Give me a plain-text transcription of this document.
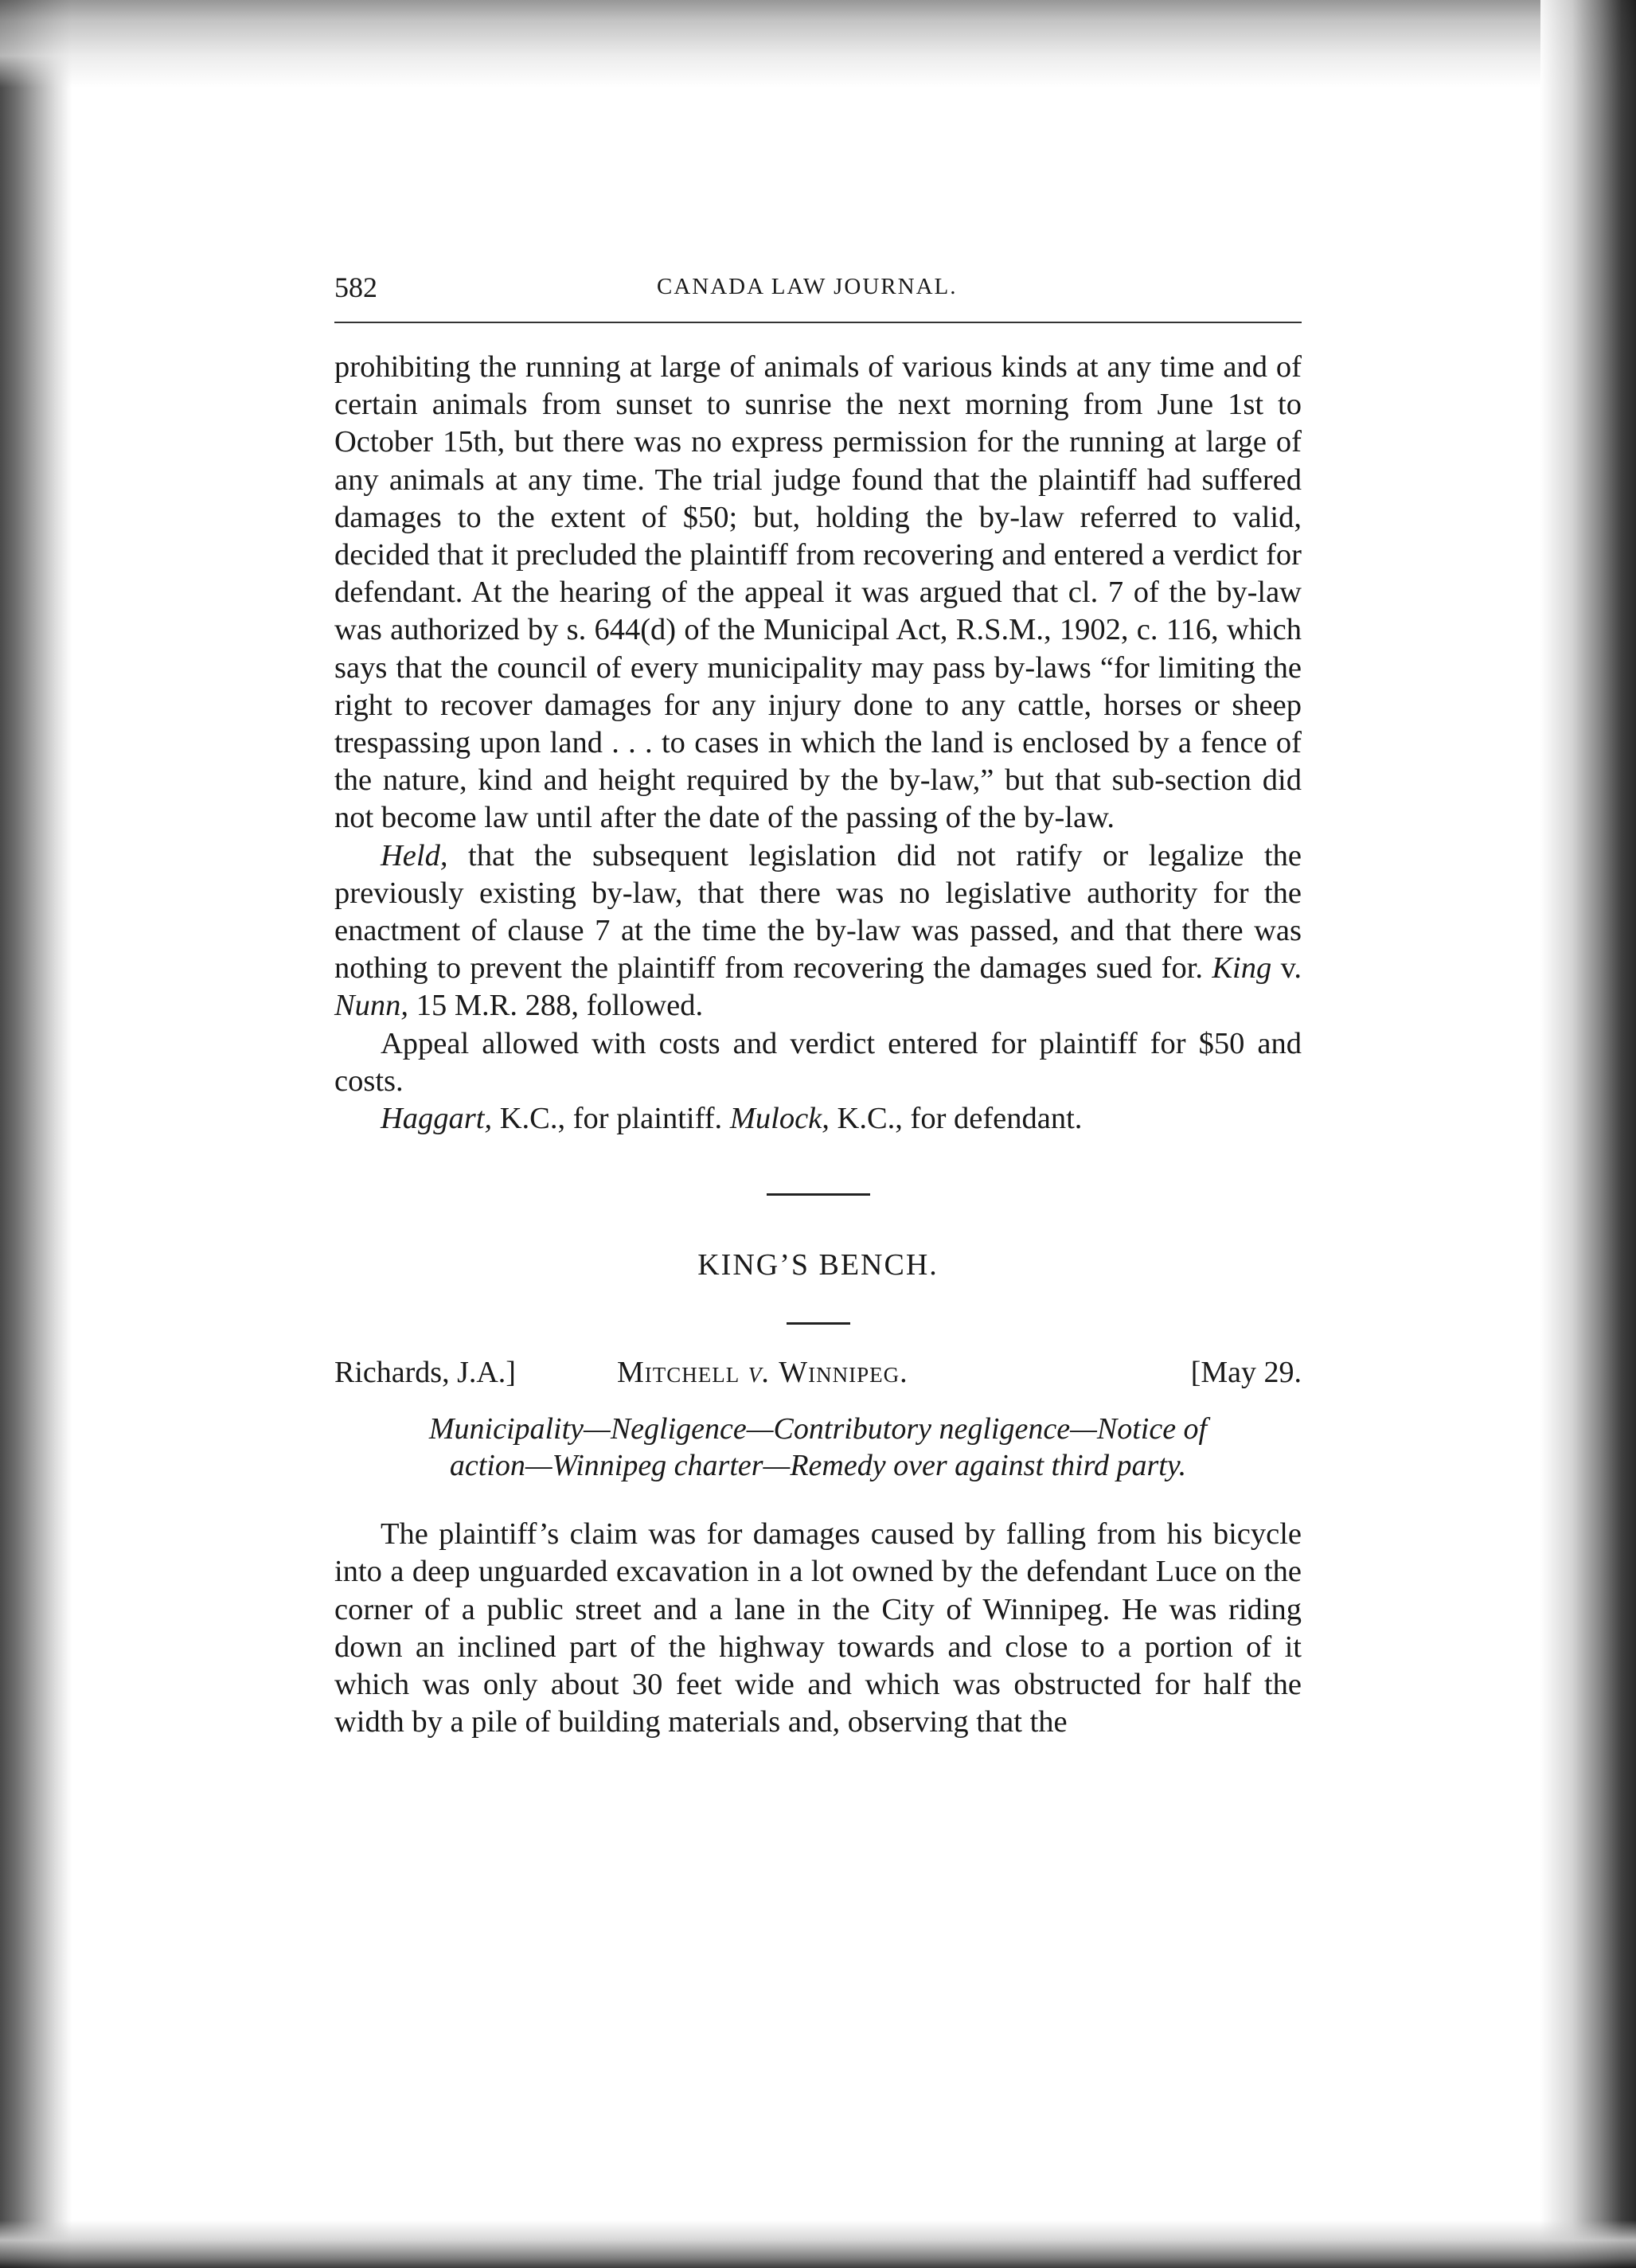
582	CANADA LAW JOURNAL.

prohibiting the running at large of animals of various kinds at any time and of certain animals from sunset to sunrise the next morning from June 1st to October 15th, but there was no express permission for the running at large of any animals at any time. The trial judge found that the plaintiff had suffered damages to the extent of $50; but, holding the by-law referred to valid, decided that it precluded the plaintiff from recovering and entered a verdict for defendant. At the hearing of the appeal it was argued that cl. 7 of the by-law was authorized by s. 644(d) of the Municipal Act, R.S.M., 1902, c. 116, which says that the council of every municipality may pass by-laws “for limiting the right to recover damages for any injury done to any cattle, horses or sheep trespassing upon land . . . to cases in which the land is enclosed by a fence of the nature, kind and height required by the by-law,” but that sub-section did not become law until after the date of the passing of the by-law.

Held, that the subsequent legislation did not ratify or legalize the previously existing by-law, that there was no legislative authority for the enactment of clause 7 at the time the by-law was passed, and that there was nothing to prevent the plaintiff from recovering the damages sued for. King v. Nunn, 15 M.R. 288, followed.

Appeal allowed with costs and verdict entered for plaintiff for $50 and costs.

Haggart, K.C., for plaintiff. Mulock, K.C., for defendant.

KING’S BENCH.
Richards, J.A.]	Mitchell v. Winnipeg.	[May 29.
Municipality—Negligence—Contributory negligence—Notice of
action—Winnipeg charter—Remedy over against third party.

The plaintiff’s claim was for damages caused by falling from his bicycle into a deep unguarded excavation in a lot owned by the defendant Luce on the corner of a public street and a lane in the City of Winnipeg. He was riding down an inclined part of the highway towards and close to a portion of it which was only about 30 feet wide and which was obstructed for half the width by a pile of building materials and, observing that the
